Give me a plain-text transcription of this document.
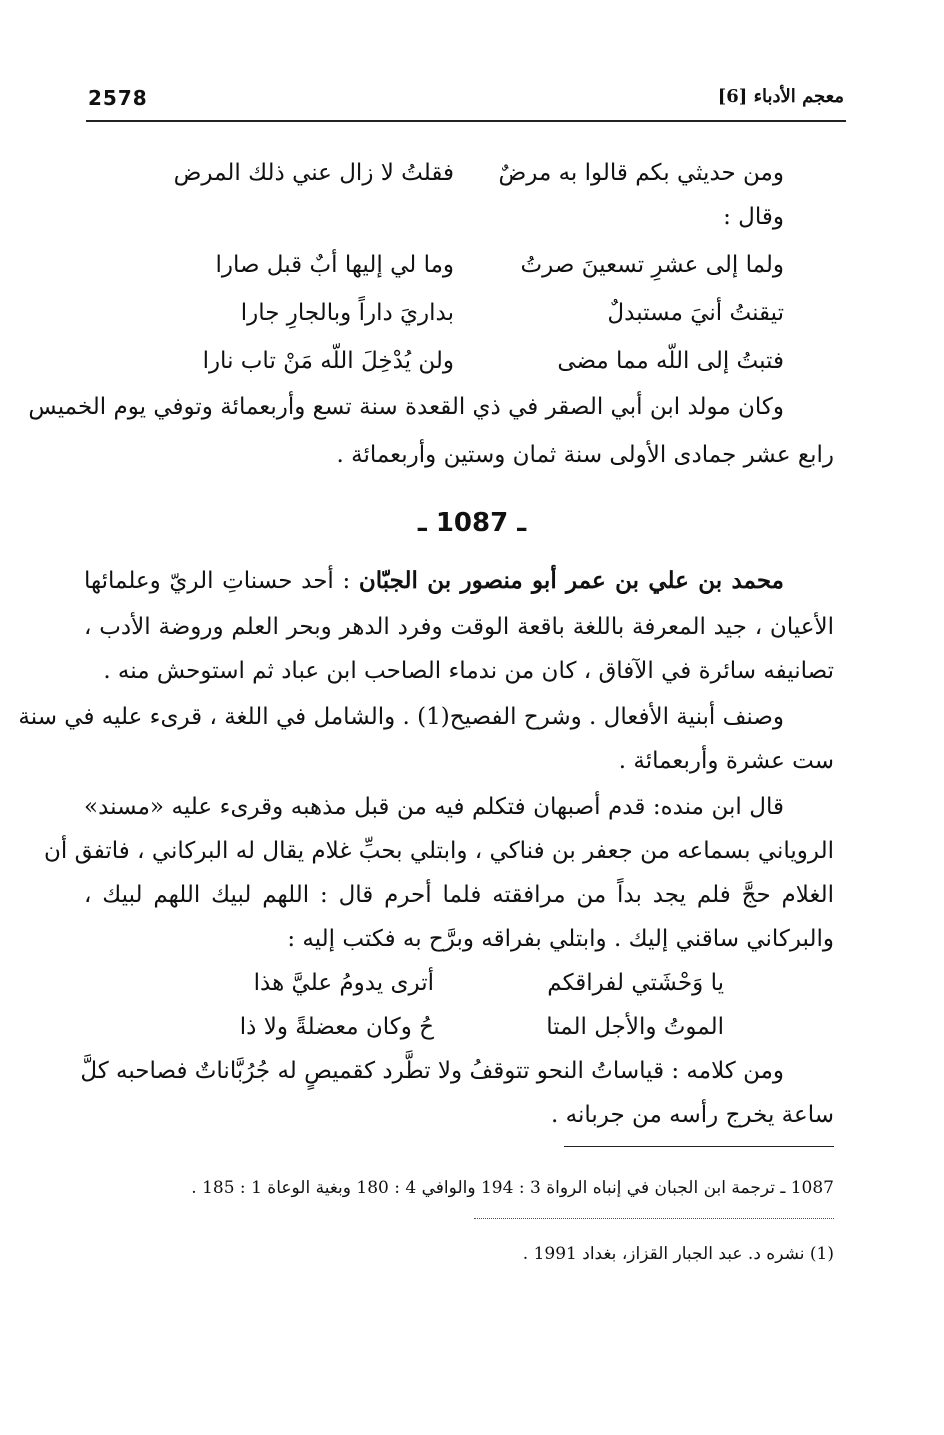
2578	معجم الأدباء [6]
ومن حديثي بكم قالوا به مرضٌ
فقلتُ لا زال عني ذلك المرض
وقال :
ولما إلى عشرِ تسعينَ صرتُ
وما لي إليها أبٌ قبل صارا
تيقنتُ أنيَ مستبدلٌ
بداريَ داراً وبالجارِ جارا
فتبتُ إلى اللّه مما مضى
ولن يُدْخِلَ اللّه مَنْ تاب نارا
وكان مولد ابن أبي الصقر في ذي القعدة سنة تسع وأربعمائة وتوفي يوم الخميس
رابع عشر جمادى الأولى سنة ثمان وستين وأربعمائة .
ـ 1087 ـ
محمد بن علي بن عمر أبو منصور بن الجبّان : أحد حسناتِ الريّ وعلمائها
الأعيان ، جيد المعرفة باللغة باقعة الوقت وفرد الدهر وبحر العلم وروضة الأدب ،
تصانيفه سائرة في الآفاق ، كان من ندماء الصاحب ابن عباد ثم استوحش منه .
وصنف أبنية الأفعال . وشرح الفصيح(1) . والشامل في اللغة ، قرىء عليه في سنة
ست عشرة وأربعمائة .
قال ابن منده: قدم أصبهان فتكلم فيه من قبل مذهبه وقرىء عليه «مسند»
الروياني بسماعه من جعفر بن فناكي ، وابتلي بحبِّ غلام يقال له البركاني ، فاتفق أن
الغلام حجَّ فلم يجد بداً من مرافقته فلما أحرم قال : اللهم لبيك اللهم لبيك ،
والبركاني ساقني إليك . وابتلي بفراقه وبرَّح به فكتب إليه :
يا وَحْشَتي لفراقكم
أترى يدومُ عليَّ هذا
الموتُ والأجل المتا
حُ وكان معضلةً ولا ذا
ومن كلامه : قياساتُ النحو تتوقفُ ولا تطَّرد كقميصٍ له جُرُبَّاناتٌ فصاحبه كلَّ
ساعة يخرج رأسه من جربانه .
1087 ـ ترجمة ابن الجبان في إنباه الرواة 3 : 194 والوافي 4 : 180 وبغية الوعاة 1 : 185 .
(1) نشره د. عبد الجبار القزاز، بغداد 1991 .
